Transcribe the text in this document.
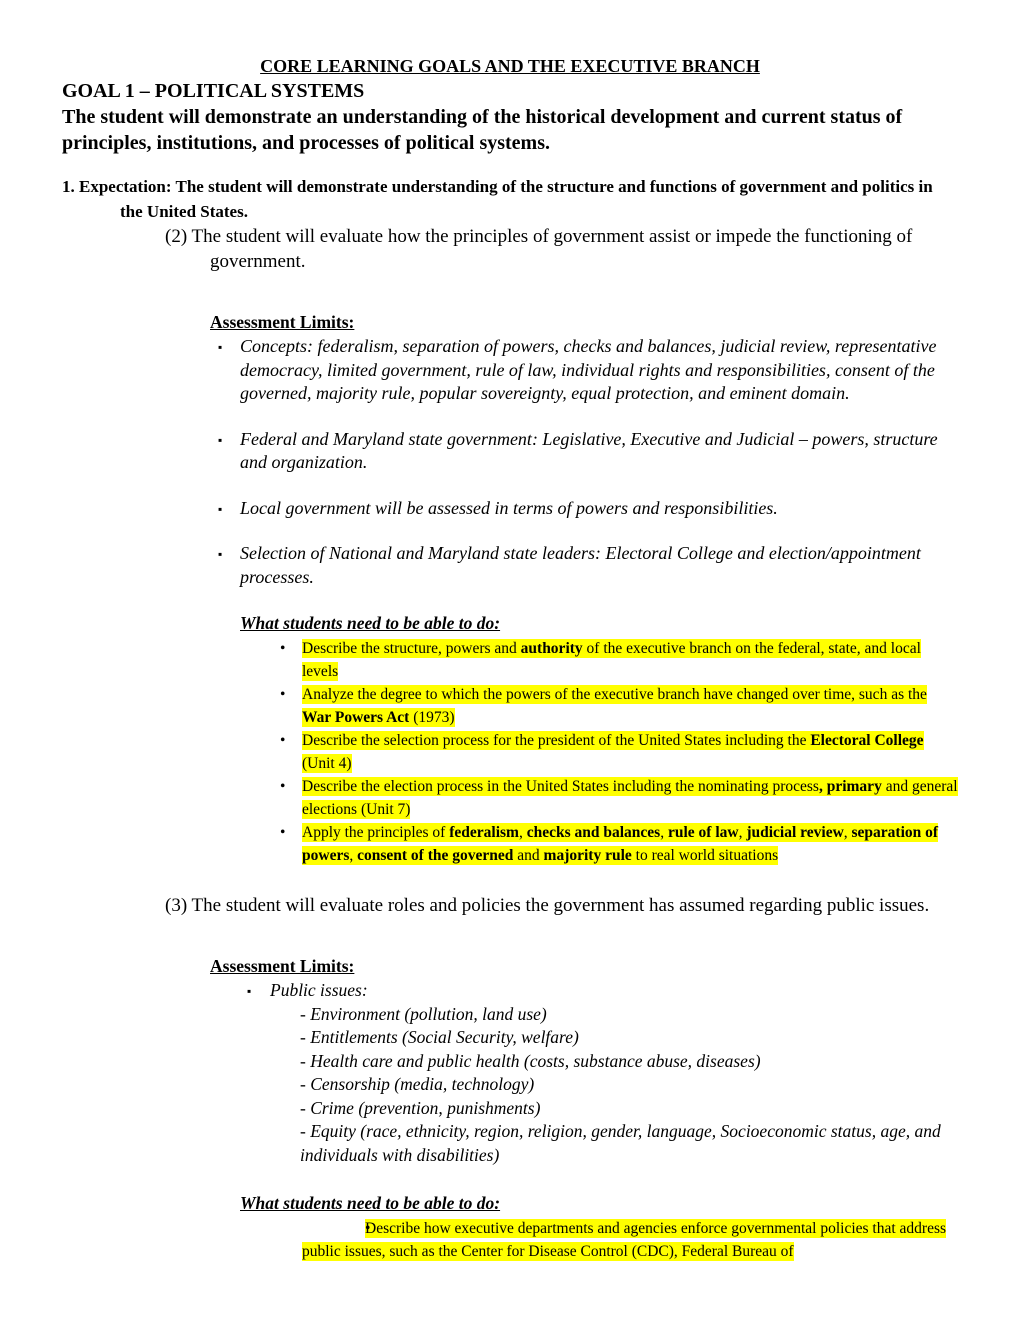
CORE LEARNING GOALS AND THE EXECUTIVE BRANCH
GOAL 1 – POLITICAL SYSTEMS

The student will demonstrate an understanding of the historical development and current status of principles, institutions, and processes of political systems.

1. Expectation: The student will demonstrate understanding of the structure and functions of government and politics in the United States.

(2) The student will evaluate how the principles of government assist or impede the functioning of government.

Assessment Limits:
▪ Concepts: federalism, separation of powers, checks and balances, judicial review, representative democracy, limited government, rule of law, individual rights and responsibilities, consent of the governed, majority rule, popular sovereignty, equal protection, and eminent domain.
▪ Federal and Maryland state government: Legislative, Executive and Judicial – powers, structure and organization.
▪ Local government will be assessed in terms of powers and responsibilities.
▪ Selection of National and Maryland state leaders: Electoral College and election/appointment processes.
What students need to be able to do:
• Describe the structure, powers and authority of the executive branch on the federal, state, and local levels
• Analyze the degree to which the powers of the executive branch have changed over time, such as the War Powers Act (1973)
• Describe the selection process for the president of the United States including the Electoral College (Unit 4)
• Describe the election process in the United States including the nominating process, primary and general elections (Unit 7)
• Apply the principles of federalism, checks and balances, rule of law, judicial review, separation of powers, consent of the governed and majority rule to real world situations

(3) The student will evaluate roles and policies the government has assumed regarding public issues.

Assessment Limits:
▪ Public issues:
- Environment (pollution, land use)
- Entitlements (Social Security, welfare)
- Health care and public health (costs, substance abuse, diseases)
- Censorship (media, technology)
- Crime (prevention, punishments)
- Equity (race, ethnicity, region, religion, gender, language, Socioeconomic status, age, and individuals with disabilities)
What students need to be able to do:
• Describe how executive departments and agencies enforce governmental policies that address public issues, such as the Center for Disease Control (CDC), Federal Bureau of
